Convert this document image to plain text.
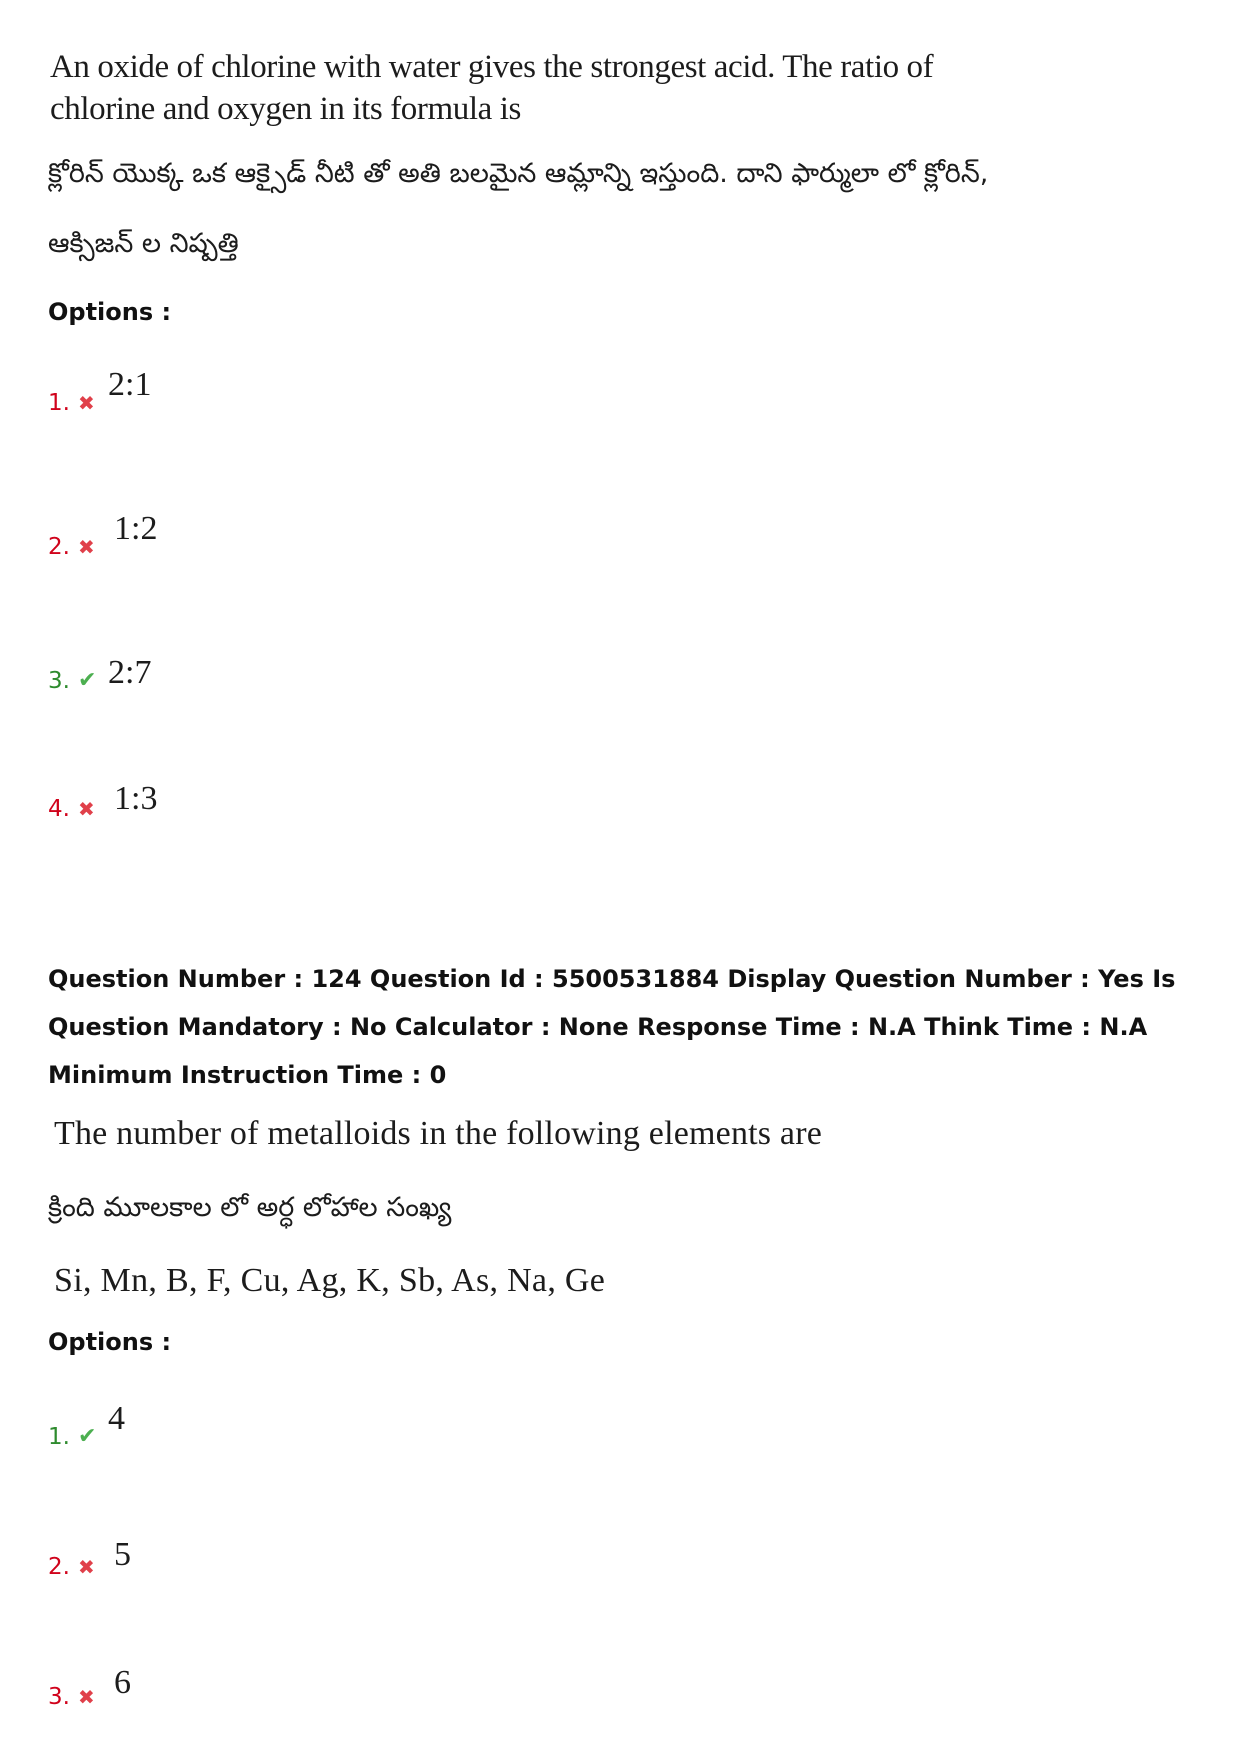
An oxide of chlorine with water gives the strongest acid. The ratio of chlorine and oxygen in its formula is
క్లోరిన్ యొక్క ఒక ఆక్సైడ్ నీటి తో అతి బలమైన ఆమ్లాన్ని ఇస్తుంది. దాని ఫార్ములా లో క్లోరిన్,
ఆక్సిజన్ ల నిష్పత్తి
Options :
1. ✖ 2:1
2. ✖ 1:2
3. ✔ 2:7
4. ✖ 1:3
Question Number : 124 Question Id : 5500531884 Display Question Number : Yes Is Question Mandatory : No Calculator : None Response Time : N.A Think Time : N.A Minimum Instruction Time : 0
The number of metalloids in the following elements are
క్రింది మూలకాల లో అర్ధ లోహాల సంఖ్య
Si, Mn, B, F, Cu, Ag, K, Sb, As, Na, Ge
Options :
1. ✔ 4
2. ✖ 5
3. ✖ 6
